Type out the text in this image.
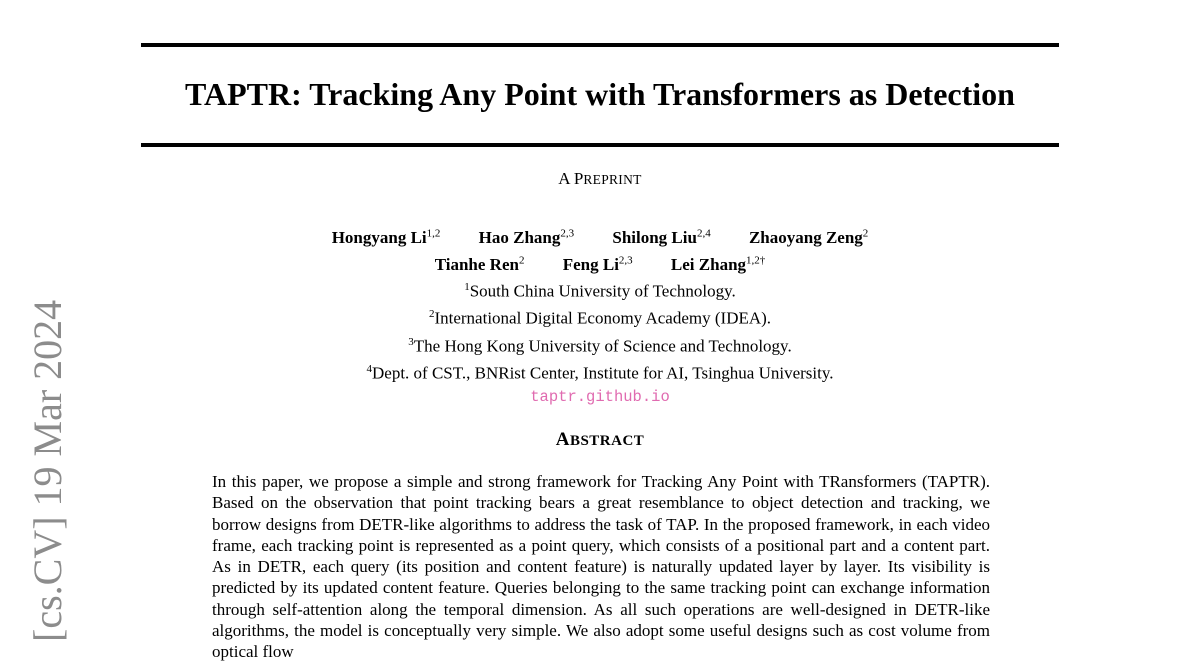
TAPTR: Tracking Any Point with Transformers as Detection
A PREPRINT
Hongyang Li$^{1,2}$ Hao Zhang$^{2,3}$ Shilong Liu$^{2,4}$ Zhaoyang Zeng$^2$
Tianhe Ren$^2$ Feng Li$^{2,3}$ Lei Zhang$^{1,2\dagger}$
$^1$South China University of Technology.
$^2$International Digital Economy Academy (IDEA).
$^3$The Hong Kong University of Science and Technology.
$^4$Dept. of CST., BNRist Center, Institute for AI, Tsinghua University.
taptr.github.io
ABSTRACT

In this paper, we propose a simple and strong framework for Tracking Any Point with TRansformers (TAPTR). Based on the observation that point tracking bears a great resemblance to object detection and tracking, we borrow designs from DETR-like algorithms to address the task of TAP. In the proposed framework, in each video frame, each tracking point is represented as a point query, which consists of a positional part and a content part. As in DETR, each query (its position and content feature) is naturally updated layer by layer. Its visibility is predicted by its updated content feature. Queries belonging to the same tracking point can exchange information through self-attention along the temporal dimension. As all such operations are well-designed in DETR-like algorithms, the model is conceptually very simple. We also adopt some useful designs such as cost volume from optical flow

[cs.CV] 19 Mar 2024
